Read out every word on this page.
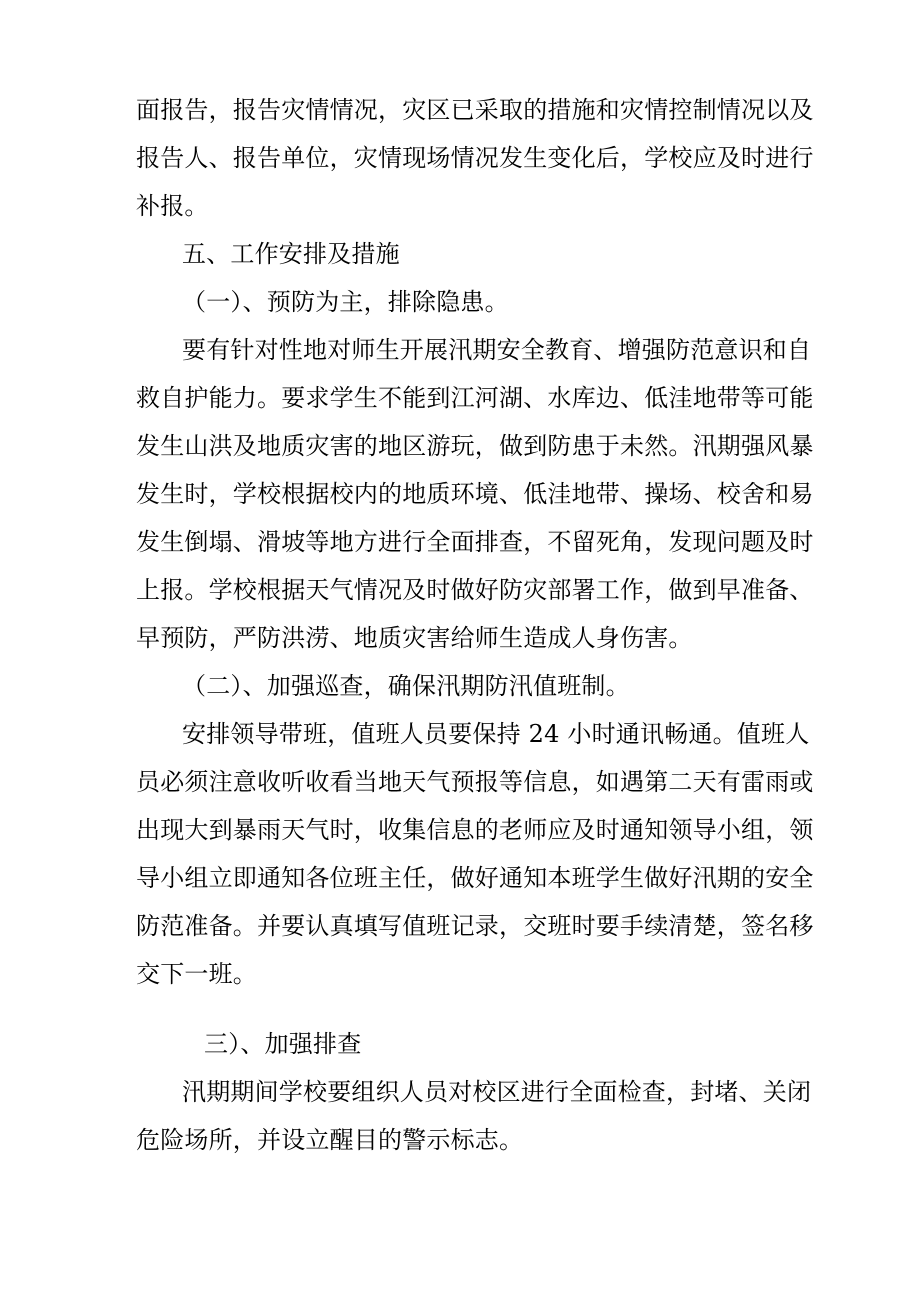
面报告，报告灾情情况，灾区已采取的措施和灾情控制情况以及
报告人、报告单位，灾情现场情况发生变化后，学校应及时进行
补报。
五、工作安排及措施
（一）、预防为主，排除隐患。
要有针对性地对师生开展汛期安全教育、增强防范意识和自
救自护能力。要求学生不能到江河湖、水库边、低洼地带等可能
发生山洪及地质灾害的地区游玩，做到防患于未然。汛期强风暴
发生时，学校根据校内的地质环境、低洼地带、操场、校舍和易
发生倒塌、滑坡等地方进行全面排查，不留死角，发现问题及时
上报。学校根据天气情况及时做好防灾部署工作，做到早准备、
早预防，严防洪涝、地质灾害给师生造成人身伤害。
（二）、加强巡查，确保汛期防汛值班制。
安排领导带班，值班人员要保持 24 小时通讯畅通。值班人
员必须注意收听收看当地天气预报等信息，如遇第二天有雷雨或
出现大到暴雨天气时，收集信息的老师应及时通知领导小组，领
导小组立即通知各位班主任，做好通知本班学生做好汛期的安全
防范准备。并要认真填写值班记录，交班时要手续清楚，签名移
交下一班。
三）、加强排查
汛期期间学校要组织人员对校区进行全面检查，封堵、关闭
危险场所，并设立醒目的警示标志。
